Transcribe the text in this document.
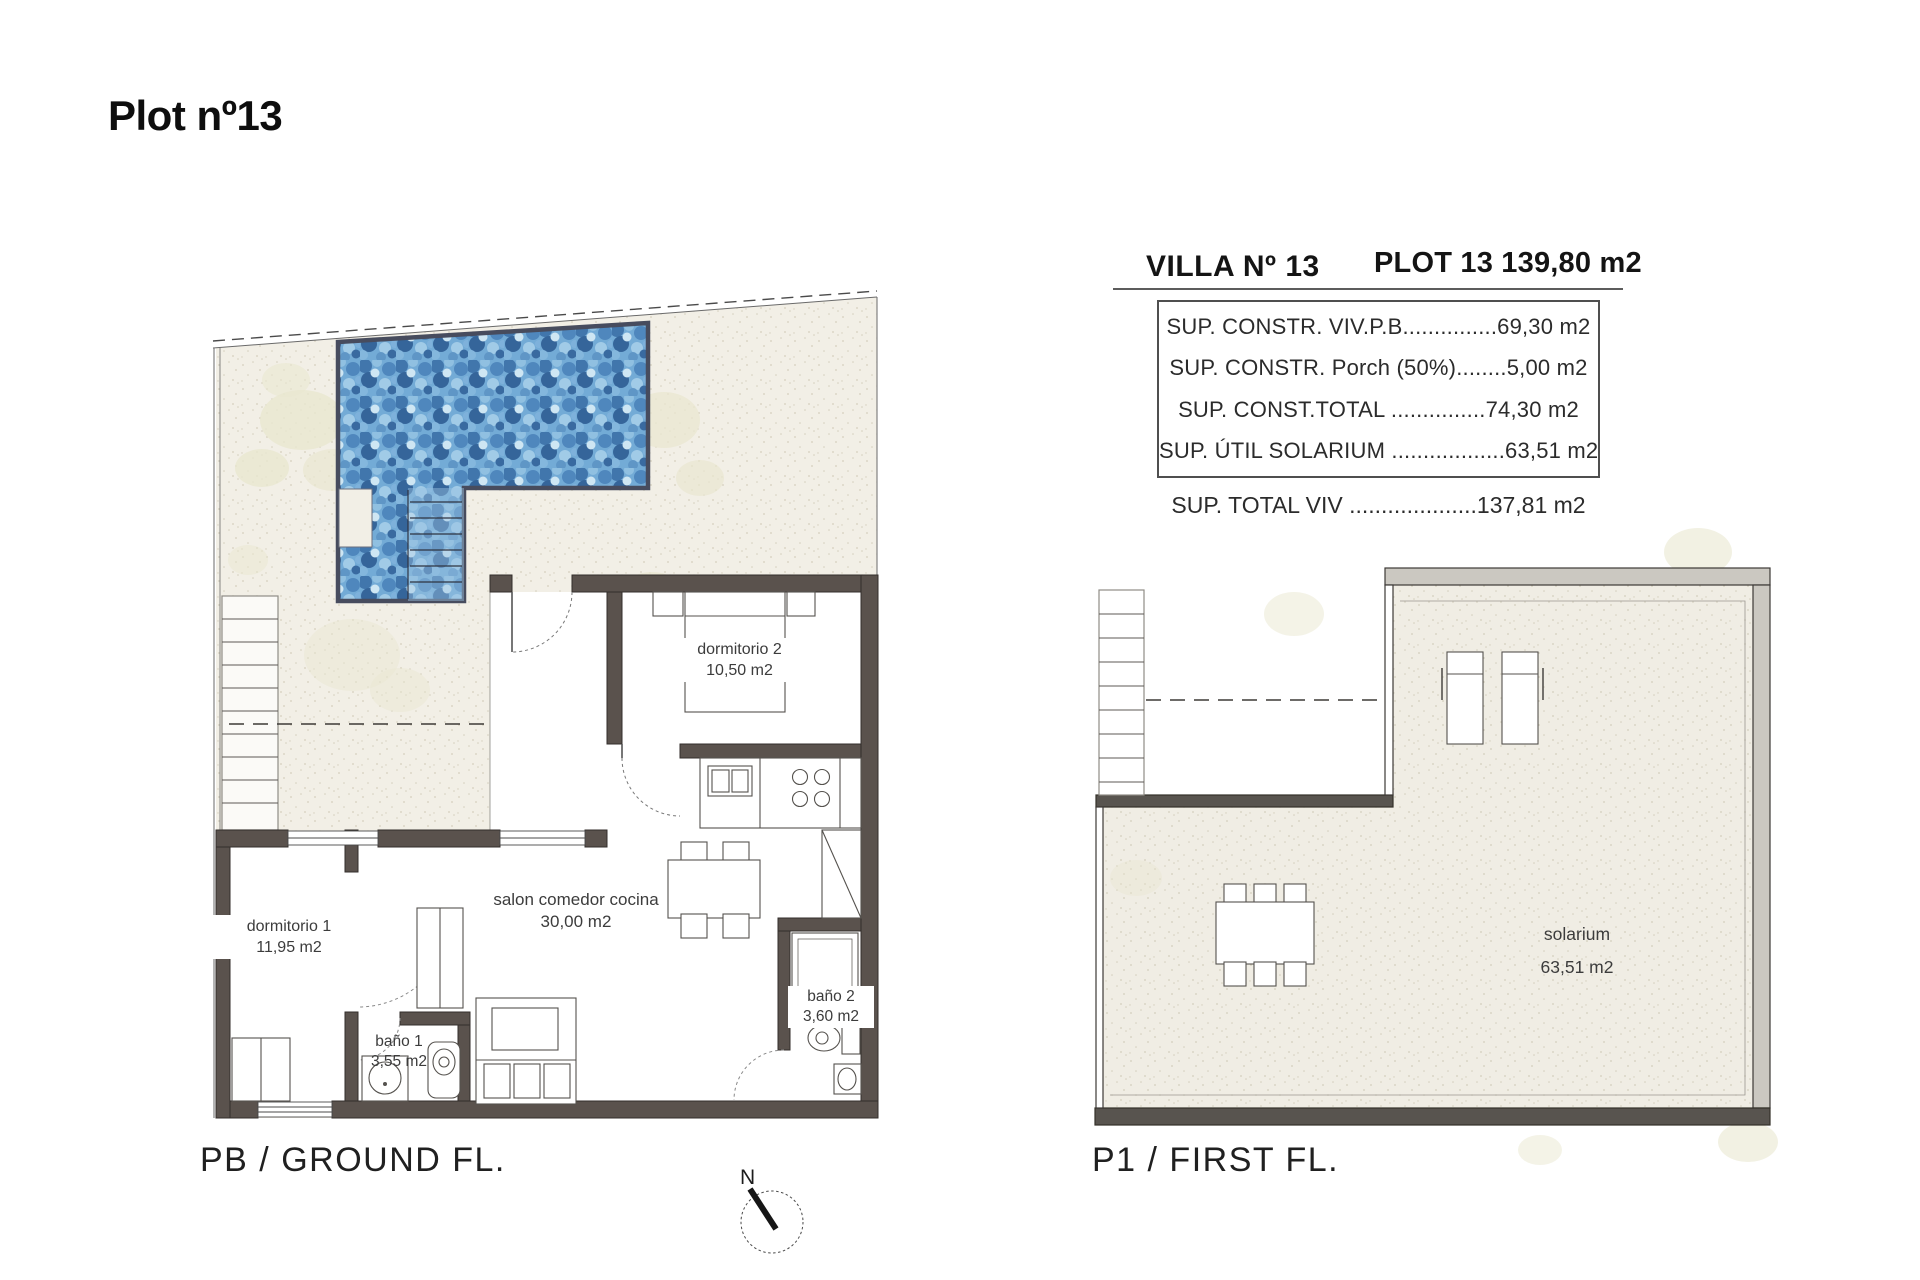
Plot nº13
VILLA Nº 13 PLOT 13 139,80 m2
SUP. CONSTR. VIV.P.B...............69,30 m2
SUP. CONSTR. Porch (50%)........5,00 m2
SUP. CONST.TOTAL ...............74,30 m2
SUP. ÚTIL SOLARIUM ..................63,51 m2
SUP. TOTAL VIV ....................137,81 m2
dormitorio 2
10,50 m2
dormitorio 1
11,95 m2
salon comedor cocina
30,00 m2
baño 1
3,55 m2
baño 2
3,60 m2
solarium
63,51 m2
PB / GROUND FL.	P1 / FIRST FL.
N
